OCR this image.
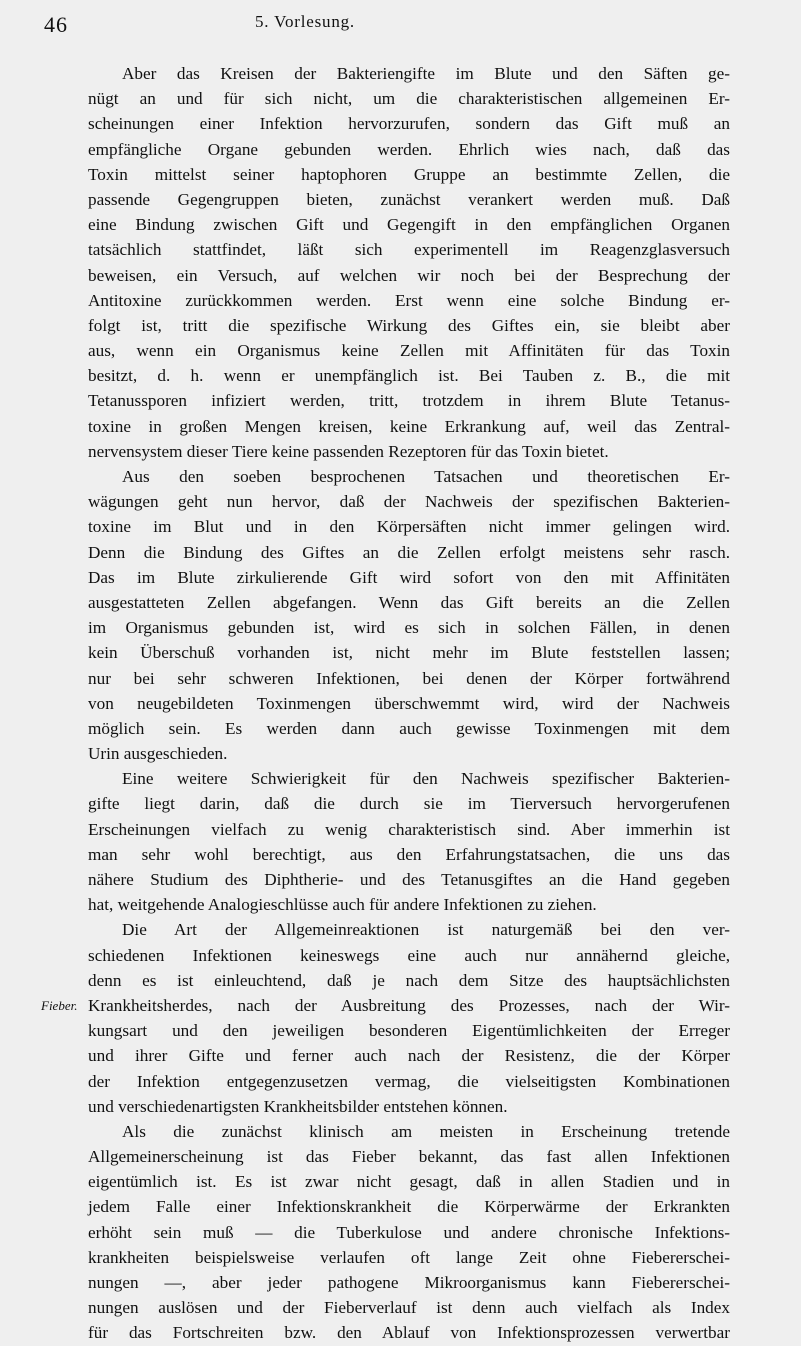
46	5. Vorlesung.
Aber das Kreisen der Bakteriengifte im Blute und den Säften ge-
nügt an und für sich nicht, um die charakteristischen allgemeinen Er-
scheinungen einer Infektion hervorzurufen, sondern das Gift muß an
empfängliche Organe gebunden werden. Ehrlich wies nach, daß das
Toxin mittelst seiner haptophoren Gruppe an bestimmte Zellen, die
passende Gegengruppen bieten, zunächst verankert werden muß. Daß
eine Bindung zwischen Gift und Gegengift in den empfänglichen Organen
tatsächlich stattfindet, läßt sich experimentell im Reagenzglasversuch
beweisen, ein Versuch, auf welchen wir noch bei der Besprechung der
Antitoxine zurückkommen werden. Erst wenn eine solche Bindung er-
folgt ist, tritt die spezifische Wirkung des Giftes ein, sie bleibt aber
aus, wenn ein Organismus keine Zellen mit Affinitäten für das Toxin
besitzt, d. h. wenn er unempfänglich ist. Bei Tauben z. B., die mit
Tetanussporen infiziert werden, tritt, trotzdem in ihrem Blute Tetanus-
toxine in großen Mengen kreisen, keine Erkrankung auf, weil das Zentral-
nervensystem dieser Tiere keine passenden Rezeptoren für das Toxin bietet.
Aus den soeben besprochenen Tatsachen und theoretischen Er-
wägungen geht nun hervor, daß der Nachweis der spezifischen Bakterien-
toxine im Blut und in den Körpersäften nicht immer gelingen wird.
Denn die Bindung des Giftes an die Zellen erfolgt meistens sehr rasch.
Das im Blute zirkulierende Gift wird sofort von den mit Affinitäten
ausgestatteten Zellen abgefangen. Wenn das Gift bereits an die Zellen
im Organismus gebunden ist, wird es sich in solchen Fällen, in denen
kein Überschuß vorhanden ist, nicht mehr im Blute feststellen lassen;
nur bei sehr schweren Infektionen, bei denen der Körper fortwährend
von neugebildeten Toxinmengen überschwemmt wird, wird der Nachweis
möglich sein. Es werden dann auch gewisse Toxinmengen mit dem
Urin ausgeschieden.
Eine weitere Schwierigkeit für den Nachweis spezifischer Bakterien-
gifte liegt darin, daß die durch sie im Tierversuch hervorgerufenen
Erscheinungen vielfach zu wenig charakteristisch sind. Aber immerhin ist
man sehr wohl berechtigt, aus den Erfahrungstatsachen, die uns das
nähere Studium des Diphtherie- und des Tetanusgiftes an die Hand gegeben
hat, weitgehende Analogieschlüsse auch für andere Infektionen zu ziehen.
Die Art der Allgemeinreaktionen ist naturgemäß bei den ver-
schiedenen Infektionen keineswegs eine auch nur annähernd gleiche,
denn es ist einleuchtend, daß je nach dem Sitze des hauptsächlichsten
Krankheitsherdes, nach der Ausbreitung des Prozesses, nach der Wir-
kungsart und den jeweiligen besonderen Eigentümlichkeiten der Erreger
und ihrer Gifte und ferner auch nach der Resistenz, die der Körper
der Infektion entgegenzusetzen vermag, die vielseitigsten Kombinationen
und verschiedenartigsten Krankheitsbilder entstehen können.
Als die zunächst klinisch am meisten in Erscheinung tretende
Allgemeinerscheinung ist das Fieber bekannt, das fast allen Infektionen
eigentümlich ist. Es ist zwar nicht gesagt, daß in allen Stadien und in
jedem Falle einer Infektionskrankheit die Körperwärme der Erkrankten
erhöht sein muß — die Tuberkulose und andere chronische Infektions-
krankheiten beispielsweise verlaufen oft lange Zeit ohne Fiebererschei-
nungen —, aber jeder pathogene Mikroorganismus kann Fiebererschei-
nungen auslösen und der Fieberverlauf ist denn auch vielfach als Index
für das Fortschreiten bzw. den Ablauf von Infektionsprozessen verwertbar
Fieber.
